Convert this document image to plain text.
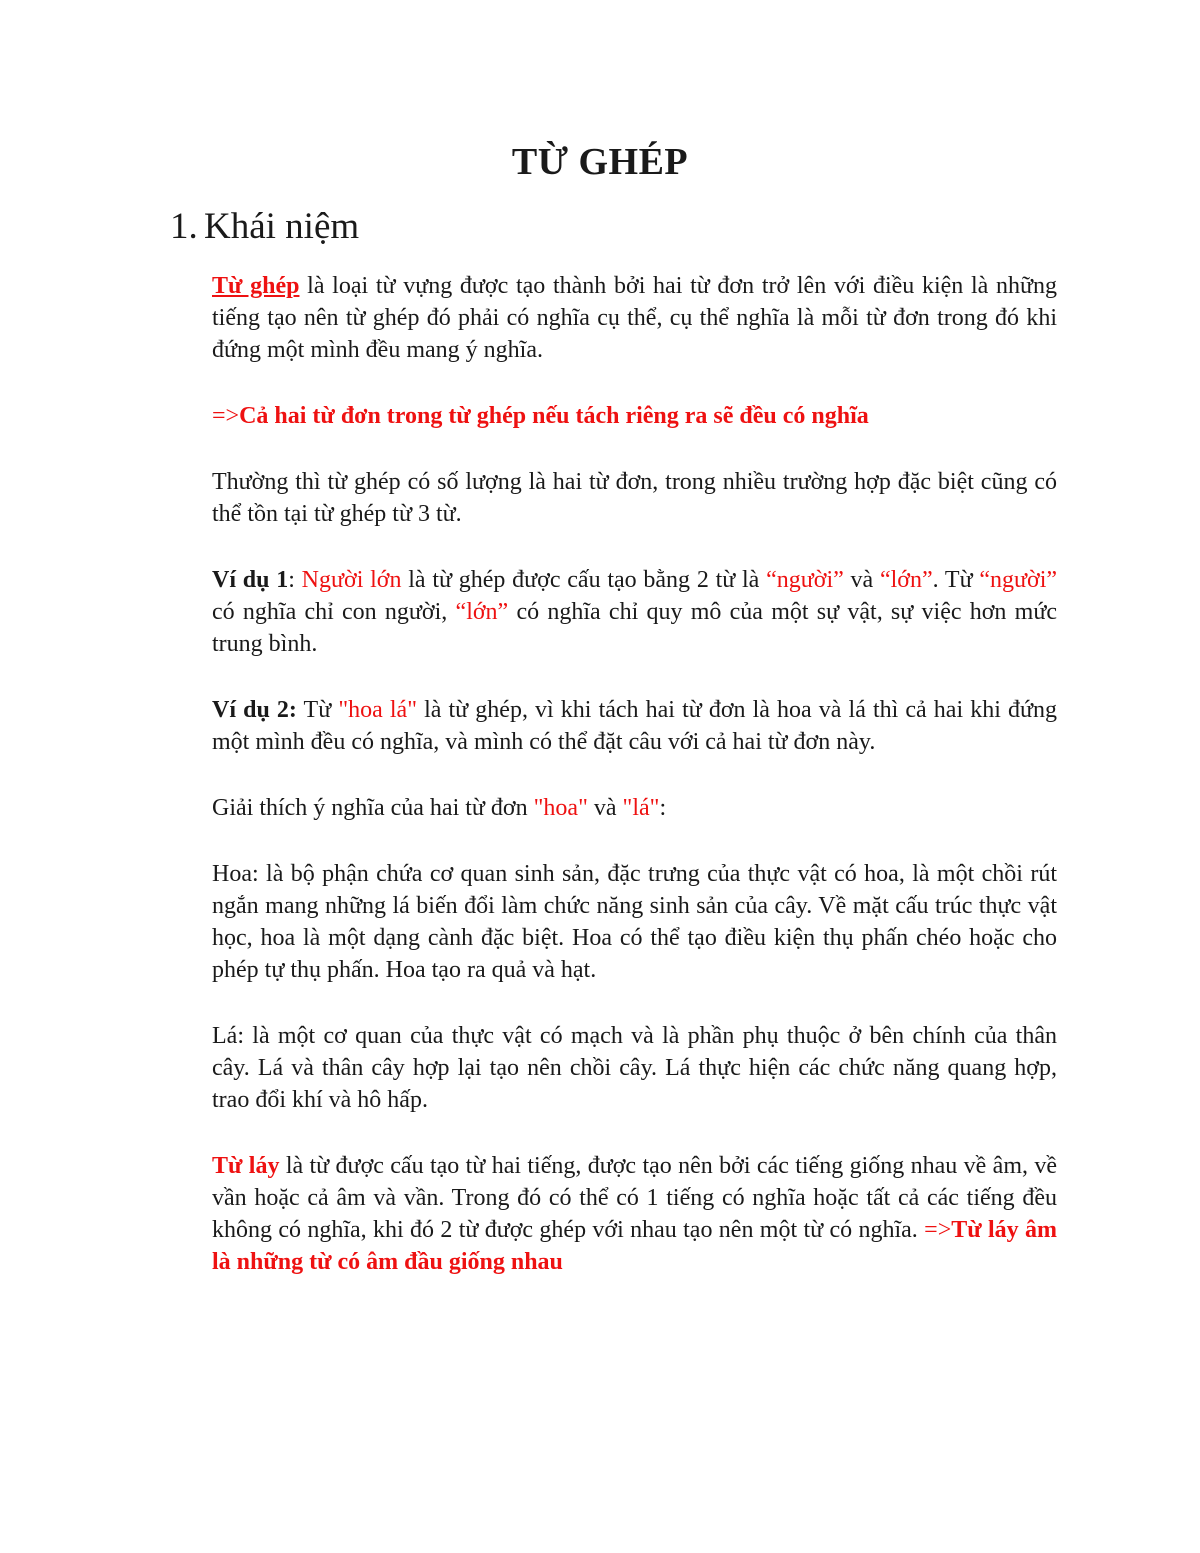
TỪ GHÉP
1. Khái niệm

Từ ghép là loại từ vựng được tạo thành bởi hai từ đơn trở lên với điều kiện là những tiếng tạo nên từ ghép đó phải có nghĩa cụ thể, cụ thể nghĩa là mỗi từ đơn trong đó khi đứng một mình đều mang ý nghĩa.

=>Cả hai từ đơn trong từ ghép nếu tách riêng ra sẽ đều có nghĩa

Thường thì từ ghép có số lượng là hai từ đơn, trong nhiều trường hợp đặc biệt cũng có thể tồn tại từ ghép từ 3 từ.

Ví dụ 1: Người lớn là từ ghép được cấu tạo bằng 2 từ là “người” và “lớn”. Từ “người” có nghĩa chỉ con người, “lớn” có nghĩa chỉ quy mô của một sự vật, sự việc hơn mức trung bình.

Ví dụ 2: Từ "hoa lá" là từ ghép, vì khi tách hai từ đơn là hoa và lá thì cả hai khi đứng một mình đều có nghĩa, và mình có thể đặt câu với cả hai từ đơn này.

Giải thích ý nghĩa của hai từ đơn "hoa" và "lá":

Hoa: là bộ phận chứa cơ quan sinh sản, đặc trưng của thực vật có hoa, là một chồi rút ngắn mang những lá biến đổi làm chức năng sinh sản của cây. Về mặt cấu trúc thực vật học, hoa là một dạng cành đặc biệt. Hoa có thể tạo điều kiện thụ phấn chéo hoặc cho phép tự thụ phấn. Hoa tạo ra quả và hạt.

Lá: là một cơ quan của thực vật có mạch và là phần phụ thuộc ở bên chính của thân cây. Lá và thân cây hợp lại tạo nên chồi cây. Lá thực hiện các chức năng quang hợp, trao đổi khí và hô hấp.

Từ láy là từ được cấu tạo từ hai tiếng, được tạo nên bởi các tiếng giống nhau về âm, về vần hoặc cả âm và vần. Trong đó có thể có 1 tiếng có nghĩa hoặc tất cả các tiếng đều không có nghĩa, khi đó 2 từ được ghép với nhau tạo nên một từ có nghĩa. =>Từ láy âm là những từ có âm đầu giống nhau
